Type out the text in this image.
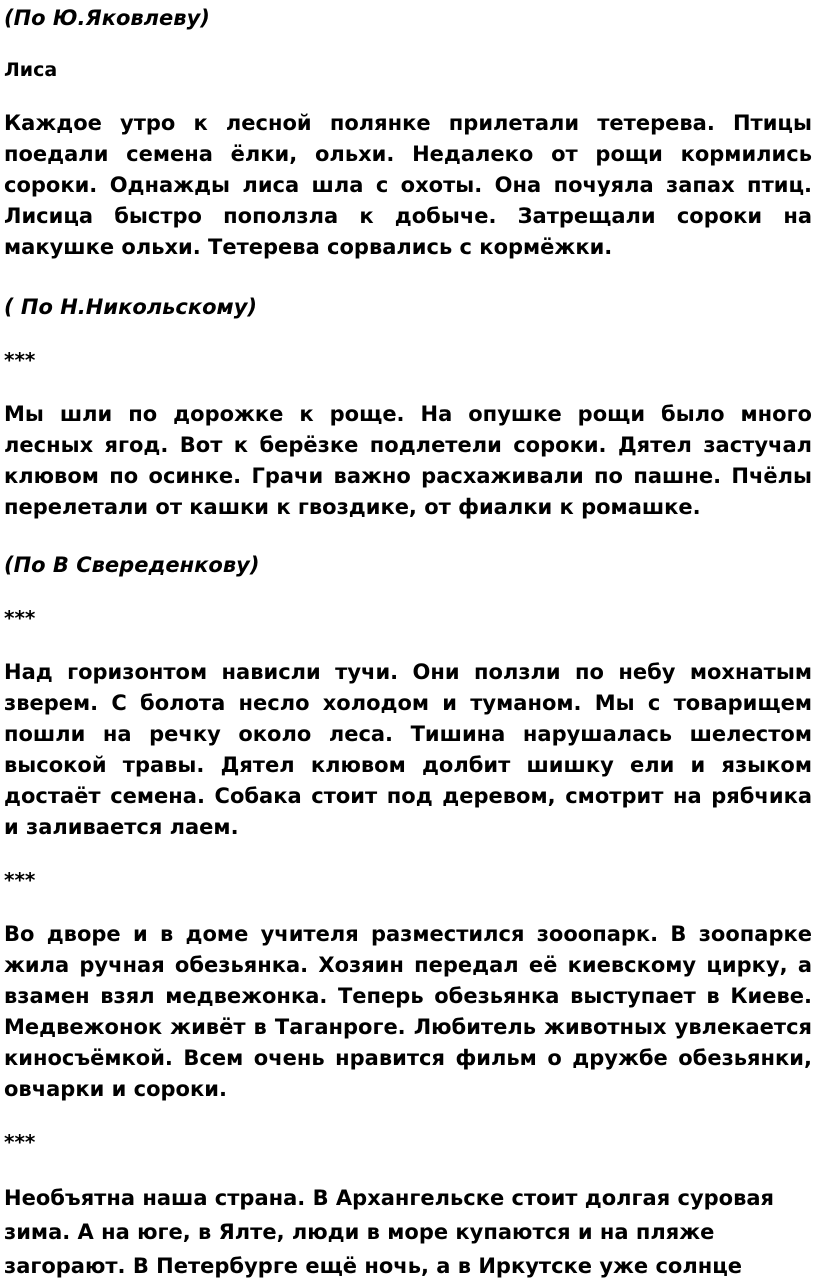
(По Ю.Яковлеву)

Лиса

Каждое утро к лесной полянке прилетали тетерева. Птицы поедали семена ёлки, ольхи. Недалеко от рощи кормились сороки. Однажды лиса шла с охоты. Она почуяла запах птиц. Лисица быстро поползла к добыче. Затрещали сороки на макушке ольхи. Тетерева сорвались с кормёжки.

( По Н.Никольскому)

***

Мы шли по дорожке к роще. На опушке рощи было много лесных ягод. Вот к берёзке подлетели сороки. Дятел застучал клювом по осинке. Грачи важно расхаживали по пашне. Пчёлы перелетали от кашки к гвоздике, от фиалки к ромашке.

(По В Свереденкову)

***

Над горизонтом нависли тучи. Они ползли по небу мохнатым зверем. С болота несло холодом и туманом. Мы с товарищем пошли на речку около леса. Тишина нарушалась шелестом высокой травы. Дятел клювом долбит шишку ели и языком достаёт семена. Собака стоит под деревом, смотрит на рябчика и заливается лаем.

***

Во дворе и в доме учителя разместился зооопарк. В зоопарке жила ручная обезьянка. Хозяин передал её киевскому цирку, а взамен взял медвежонка. Теперь обезьянка выступает в Киеве. Медвежонок живёт в Таганроге. Любитель животных увлекается киносъёмкой. Всем очень нравится фильм о дружбе обезьянки, овчарки и сороки.

***

Необъятна наша страна. В Архангельске стоит долгая суровая зима. А на юге, в Ялте, люди в море купаются и на пляже загорают. В Петербурге ещё ночь, а в Иркутске уже солнце
